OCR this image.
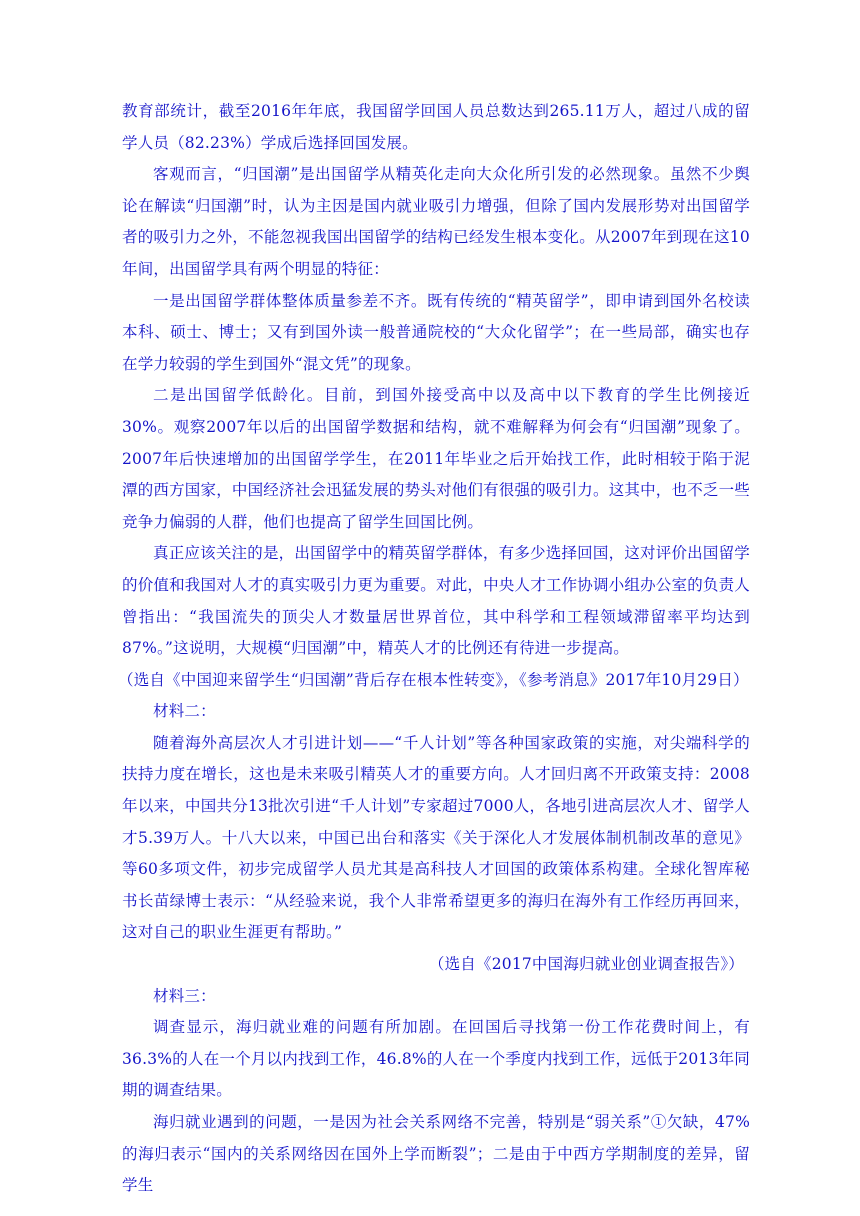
教育部统计，截至2016年年底，我国留学回国人员总数达到265.11万人，超过八成的留学人员（82.23%）学成后选择回国发展。

客观而言，“归国潮”是出国留学从精英化走向大众化所引发的必然现象。虽然不少舆论在解读“归国潮”时，认为主因是国内就业吸引力增强，但除了国内发展形势对出国留学者的吸引力之外，不能忽视我国出国留学的结构已经发生根本变化。从2007年到现在这10年间，出国留学具有两个明显的特征：

一是出国留学群体整体质量参差不齐。既有传统的“精英留学”，即申请到国外名校读本科、硕士、博士；又有到国外读一般普通院校的“大众化留学”；在一些局部，确实也存在学力较弱的学生到国外“混文凭”的现象。

二是出国留学低龄化。目前，到国外接受高中以及高中以下教育的学生比例接近30%。观察2007年以后的出国留学数据和结构，就不难解释为何会有“归国潮”现象了。2007年后快速增加的出国留学学生，在2011年毕业之后开始找工作，此时相较于陷于泥潭的西方国家，中国经济社会迅猛发展的势头对他们有很强的吸引力。这其中，也不乏一些竞争力偏弱的人群，他们也提高了留学生回国比例。

真正应该关注的是，出国留学中的精英留学群体，有多少选择回国，这对评价出国留学的价值和我国对人才的真实吸引力更为重要。对此，中央人才工作协调小组办公室的负责人曾指出：“我国流失的顶尖人才数量居世界首位，其中科学和工程领域滞留率平均达到87%。”这说明，大规模“归国潮”中，精英人才的比例还有待进一步提高。

（选自《中国迎来留学生“归国潮”背后存在根本性转变》，《参考消息》2017年10月29日）

材料二：

随着海外高层次人才引进计划——“千人计划”等各种国家政策的实施，对尖端科学的扶持力度在增长，这也是未来吸引精英人才的重要方向。人才回归离不开政策支持：2008年以来，中国共分13批次引进“千人计划”专家超过7000人，各地引进高层次人才、留学人才5.39万人。十八大以来，中国已出台和落实《关于深化人才发展体制机制改革的意见》等60多项文件，初步完成留学人员尤其是高科技人才回国的政策体系构建。全球化智库秘书长苗绿博士表示：“从经验来说，我个人非常希望更多的海归在海外有工作经历再回来，这对自己的职业生涯更有帮助。”

（选自《2017中国海归就业创业调查报告》）

材料三：

调查显示，海归就业难的问题有所加剧。在回国后寻找第一份工作花费时间上，有36.3%的人在一个月以内找到工作，46.8%的人在一个季度内找到工作，远低于2013年同期的调查结果。

海归就业遇到的问题，一是因为社会关系网络不完善，特别是“弱关系”①欠缺，47%的海归表示“国内的关系网络因在国外上学而断裂”；二是由于中西方学期制度的差异，留学生
